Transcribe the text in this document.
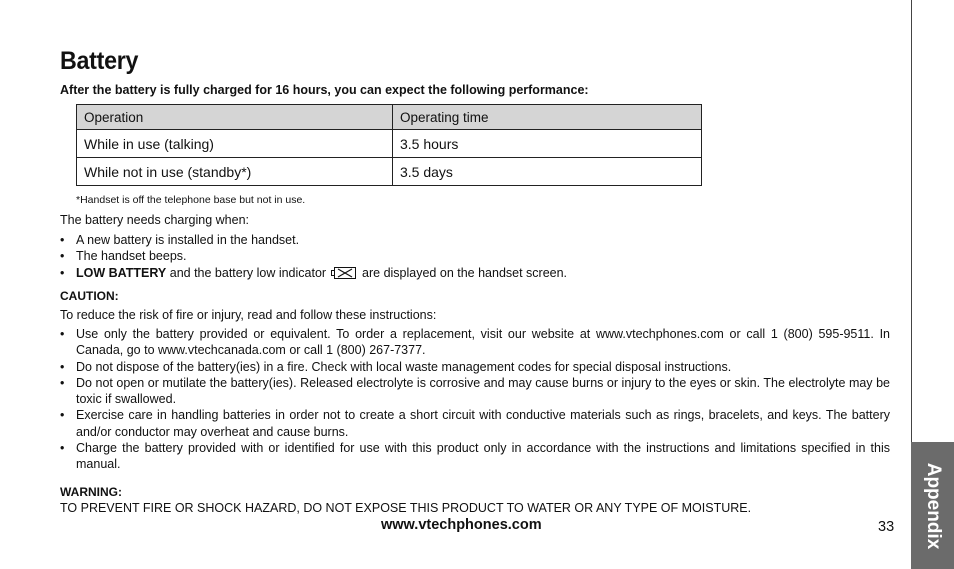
Appendix
Battery

After the battery is fully charged for 16 hours, you can expect the following performance:

Operation	Operating time
While in use (talking)	3.5 hours
While not in use (standby*)	3.5 days
*Handset is off the telephone base but not in use.
The battery needs charging when:
• A new battery is installed in the handset.
• The handset beeps.
• LOW BATTERY and the battery low indicator  are displayed on the handset screen.
CAUTION:
To reduce the risk of fire or injury, read and follow these instructions:
• Use only the battery provided or equivalent. To order a replacement, visit our website at www.vtechphones.com or call 1 (800) 595-9511. In Canada, go to www.vtechcanada.com or call 1 (800) 267-7377.
• Do not dispose of the battery(ies) in a fire. Check with local waste management codes for special disposal instructions.
• Do not open or mutilate the battery(ies). Released electrolyte is corrosive and may cause burns or injury to the eyes or skin. The electrolyte may be toxic if swallowed.
• Exercise care in handling batteries in order not to create a short circuit with conductive materials such as rings, bracelets, and keys. The battery and/or conductor may overheat and cause burns.
• Charge the battery provided with or identified for use with this product only in accordance with the instructions and limitations specified in this manual.
WARNING:
TO PREVENT FIRE OR SHOCK HAZARD, DO NOT EXPOSE THIS PRODUCT TO WATER OR ANY TYPE OF MOISTURE.
www.vtechphones.com	33
